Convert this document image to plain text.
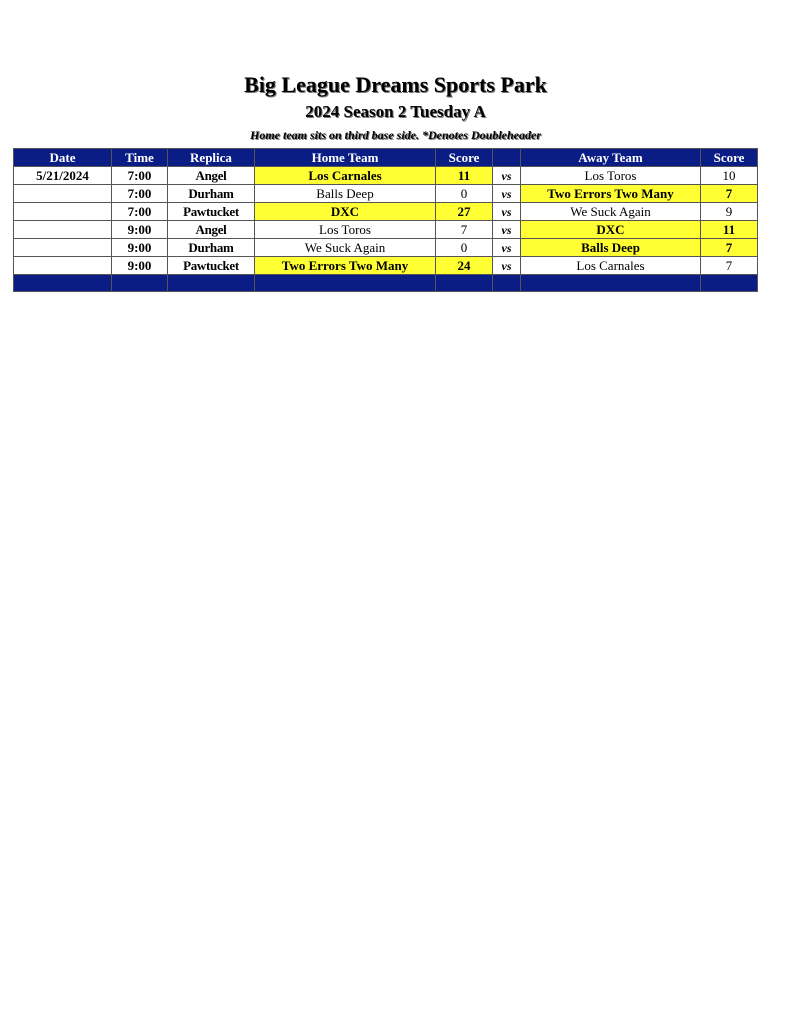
Big League Dreams Sports Park
2024 Season 2 Tuesday A
Home team sits on third base side. *Denotes Doubleheader
Date	Time	Replica	Home Team	Score		Away Team	Score
5/21/2024	7:00	Angel	Los Carnales	11	vs	Los Toros	10
	7:00	Durham	Balls Deep	0	vs	Two Errors Two Many	7
	7:00	Pawtucket	DXC	27	vs	We Suck Again	9
	9:00	Angel	Los Toros	7	vs	DXC	11
	9:00	Durham	We Suck Again	0	vs	Balls Deep	7
	9:00	Pawtucket	Two Errors Two Many	24	vs	Los Carnales	7
